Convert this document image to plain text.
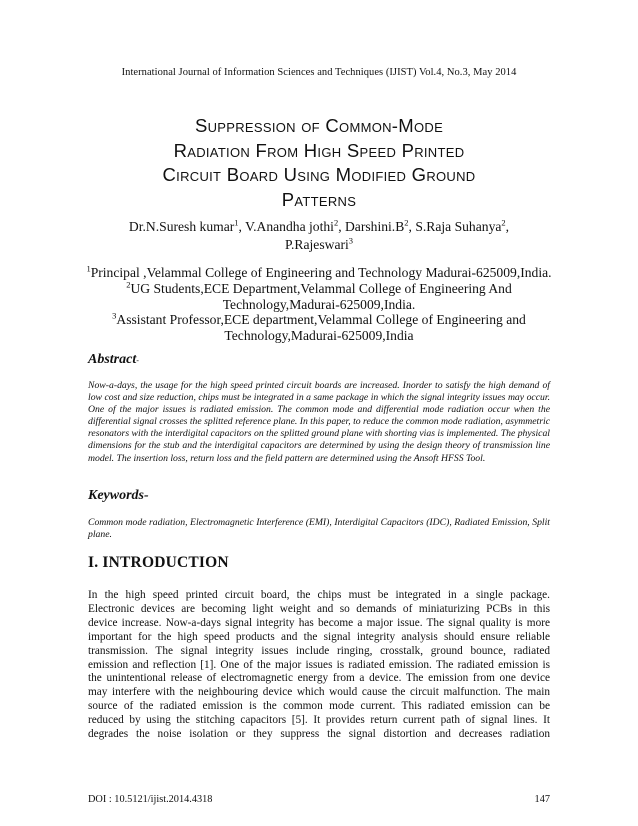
International Journal of Information Sciences and Techniques (IJIST) Vol.4, No.3, May 2014
Suppression of Common-Mode
Radiation From High Speed Printed
Circuit Board Using Modified Ground
Patterns
Dr.N.Suresh kumar$^1$, V.Anandha jothi$^2$, $Darshini.B^2$, S.Raja Suhanya$^2$,
P.Rajeswari$^3$
$^1$Principal ,Velammal College of Engineering and Technology Madurai-625009,India.
$^2$UG Students,ECE Department,Velammal College of Engineering And
Technology,Madurai-625009,India.
$^3$Assistant Professor,ECE department,Velammal College of Engineering and
Technology,Madurai-625009,India
Abstract-
Now-a-days, the usage for the high speed printed circuit boards are increased. Inorder to satisfy the high demand of low cost and size reduction, chips must be integrated in a same package in which the signal integrity issues may occur. One of the major issues is radiated emission. The common mode and differential mode radiation occur when the differential signal crosses the splitted reference plane. In this paper, to reduce the common mode radiation, asymmetric resonators with the interdigital capacitors on the splitted ground plane with shorting vias is implemented. The physical dimensions for the stub and the interdigital capacitors are determined by using the design theory of transmission line model. The insertion loss, return loss and the field pattern are determined using the Ansoft HFSS Tool.
Keywords-
Common mode radiation, Electromagnetic Interference (EMI), Interdigital Capacitors (IDC), Radiated Emission, Split plane.
I. INTRODUCTION
In the high speed printed circuit board, the chips must be integrated in a single package.
Electronic devices are becoming light weight and so demands of miniaturizing PCBs in this
device increase. Now-a-days signal integrity has become a major issue. The signal quality is more
important for the high speed products and the signal integrity analysis should ensure reliable
transmission. The signal integrity issues include ringing, crosstalk, ground bounce, radiated
emission and reflection [1]. One of the major issues is radiated emission. The radiated emission is
the unintentional release of electromagnetic energy from a device. The emission from one device
may interfere with the neighbouring device which would cause the circuit malfunction. The main
source of the radiated emission is the common mode current. This radiated emission can be
reduced by using the stitching capacitors [5]. It provides return current path of signal lines. It
degrades the noise isolation or they suppress the signal distortion and decreases radiation
DOI : 10.5121/ijist.2014.4318	147
